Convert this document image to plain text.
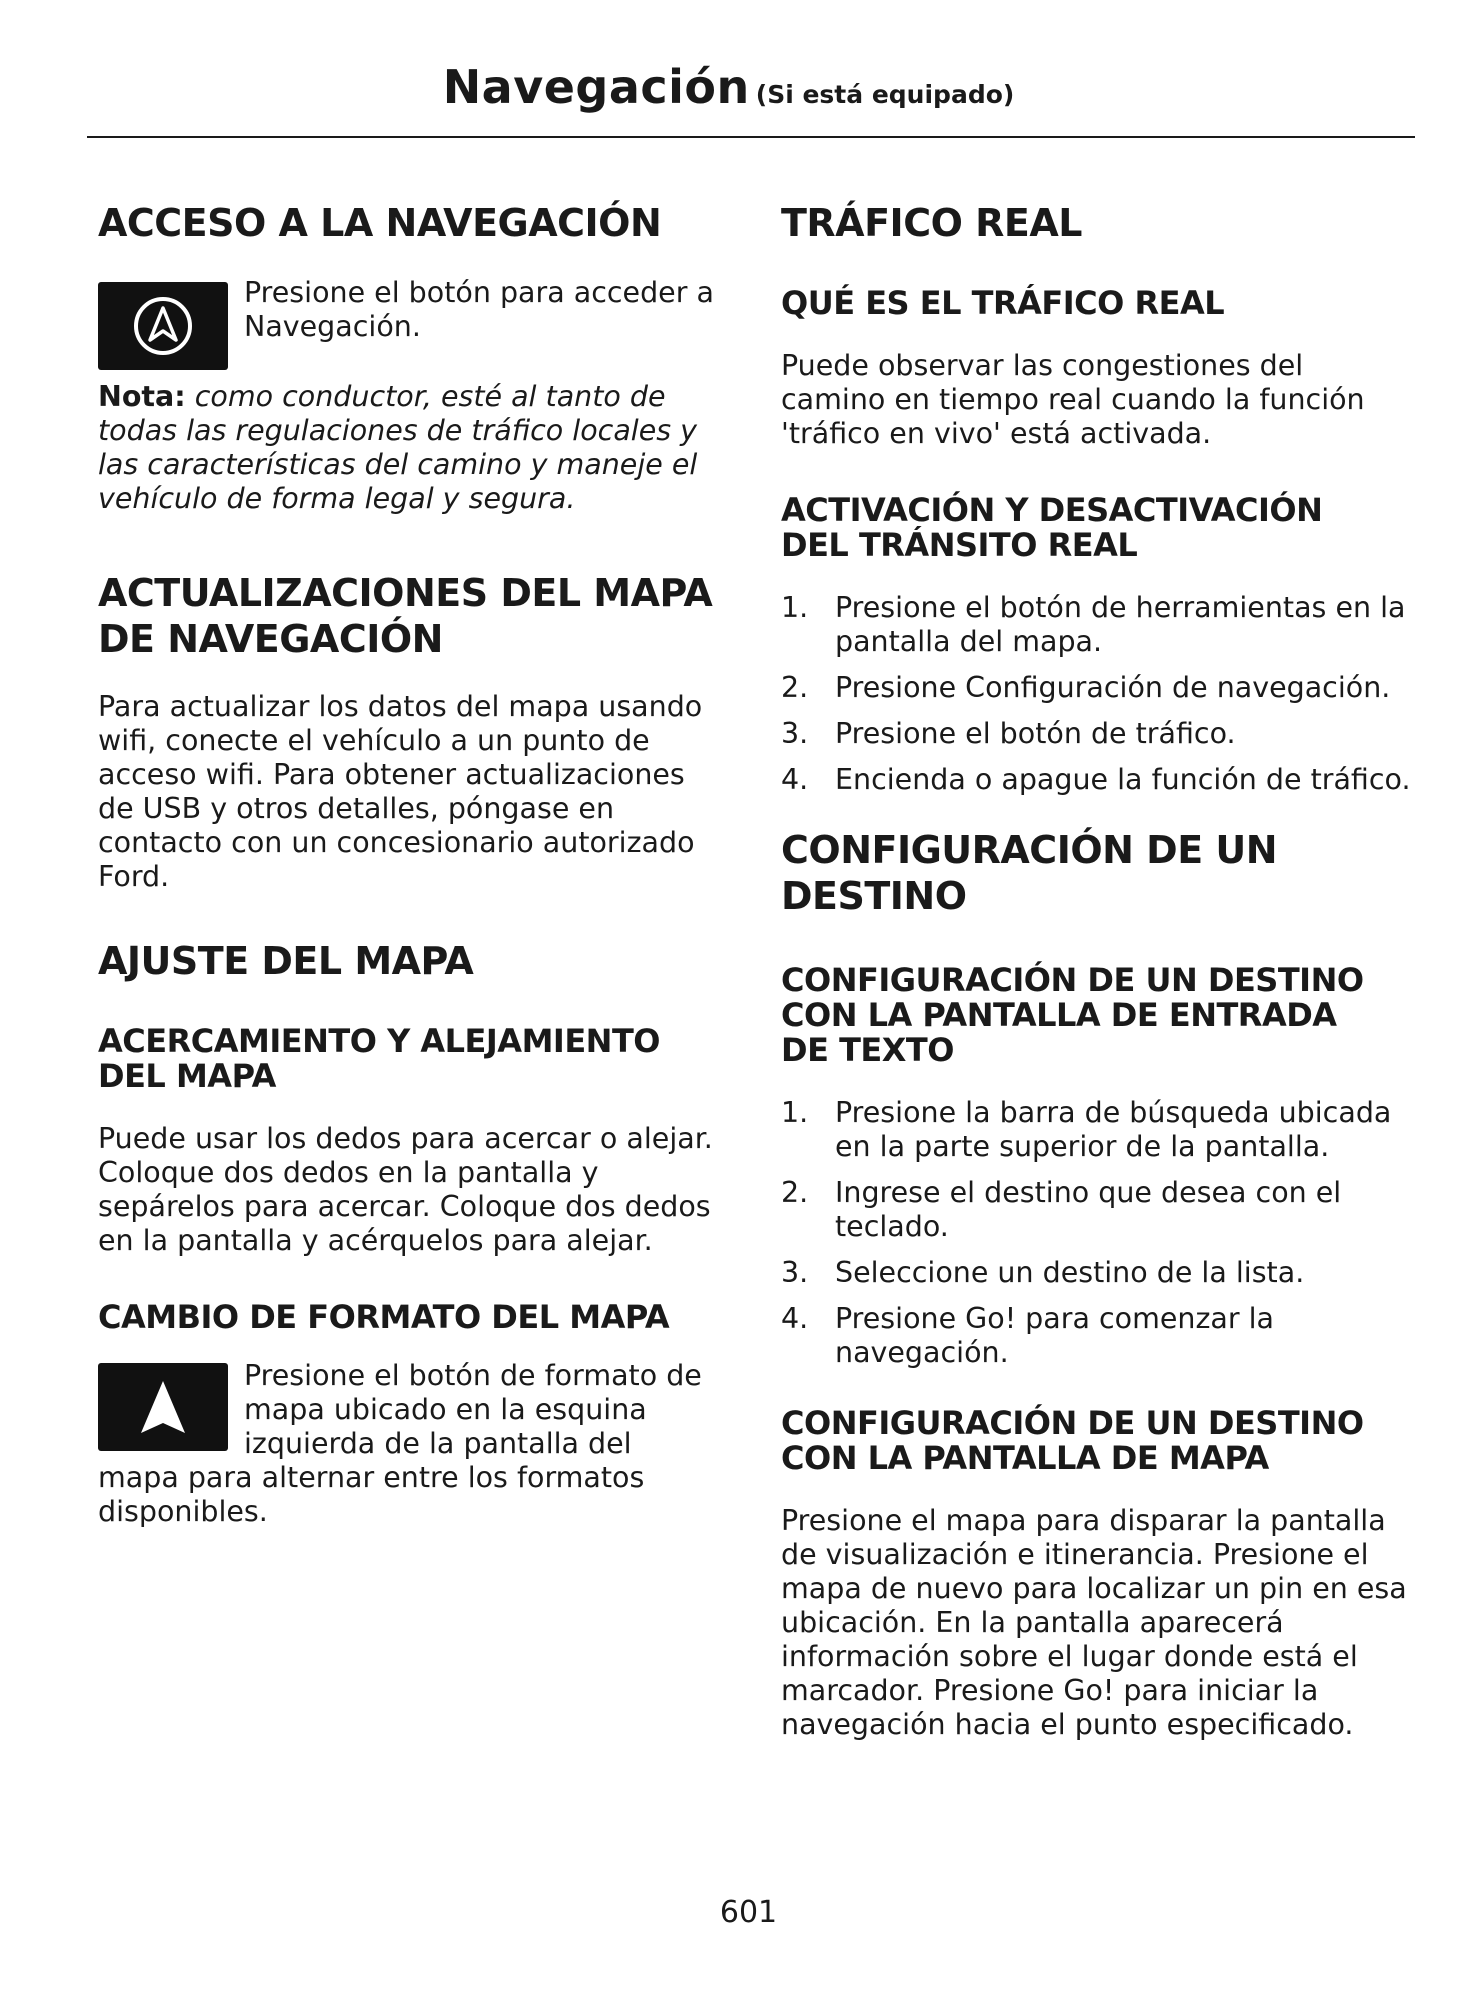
Navegación (Si está equipado)
ACCESO A LA NAVEGACIÓN

Presione el botón para acceder a Navegación.

Nota: como conductor, esté al tanto de todas las regulaciones de tráfico locales y las características del camino y maneje el vehículo de forma legal y segura.

ACTUALIZACIONES DEL MAPA
DE NAVEGACIÓN

Para actualizar los datos del mapa usando wifi, conecte el vehículo a un punto de acceso wifi. Para obtener actualizaciones de USB y otros detalles, póngase en contacto con un concesionario autorizado Ford.

AJUSTE DEL MAPA
ACERCAMIENTO Y ALEJAMIENTO
DEL MAPA

Puede usar los dedos para acercar o alejar. Coloque dos dedos en la pantalla y sepárelos para acercar. Coloque dos dedos en la pantalla y acérquelos para alejar.

CAMBIO DE FORMATO DEL MAPA

Presione el botón de formato de mapa ubicado en la esquina izquierda de la pantalla del mapa para alternar entre los formatos disponibles.

TRÁFICO REAL
QUÉ ES EL TRÁFICO REAL

Puede observar las congestiones del camino en tiempo real cuando la función 'tráfico en vivo' está activada.

ACTIVACIÓN Y DESACTIVACIÓN
DEL TRÁNSITO REAL
1. Presione el botón de herramientas en la pantalla del mapa.
2. Presione Configuración de navegación.
3. Presione el botón de tráfico.
4. Encienda o apague la función de tráfico.
CONFIGURACIÓN DE UN
DESTINO
CONFIGURACIÓN DE UN DESTINO
CON LA PANTALLA DE ENTRADA
DE TEXTO
1. Presione la barra de búsqueda ubicada en la parte superior de la pantalla.
2. Ingrese el destino que desea con el teclado.
3. Seleccione un destino de la lista.
4. Presione Go! para comenzar la navegación.
CONFIGURACIÓN DE UN DESTINO
CON LA PANTALLA DE MAPA

Presione el mapa para disparar la pantalla de visualización e itinerancia. Presione el mapa de nuevo para localizar un pin en esa ubicación. En la pantalla aparecerá información sobre el lugar donde está el marcador. Presione Go! para iniciar la navegación hacia el punto especificado.

601
